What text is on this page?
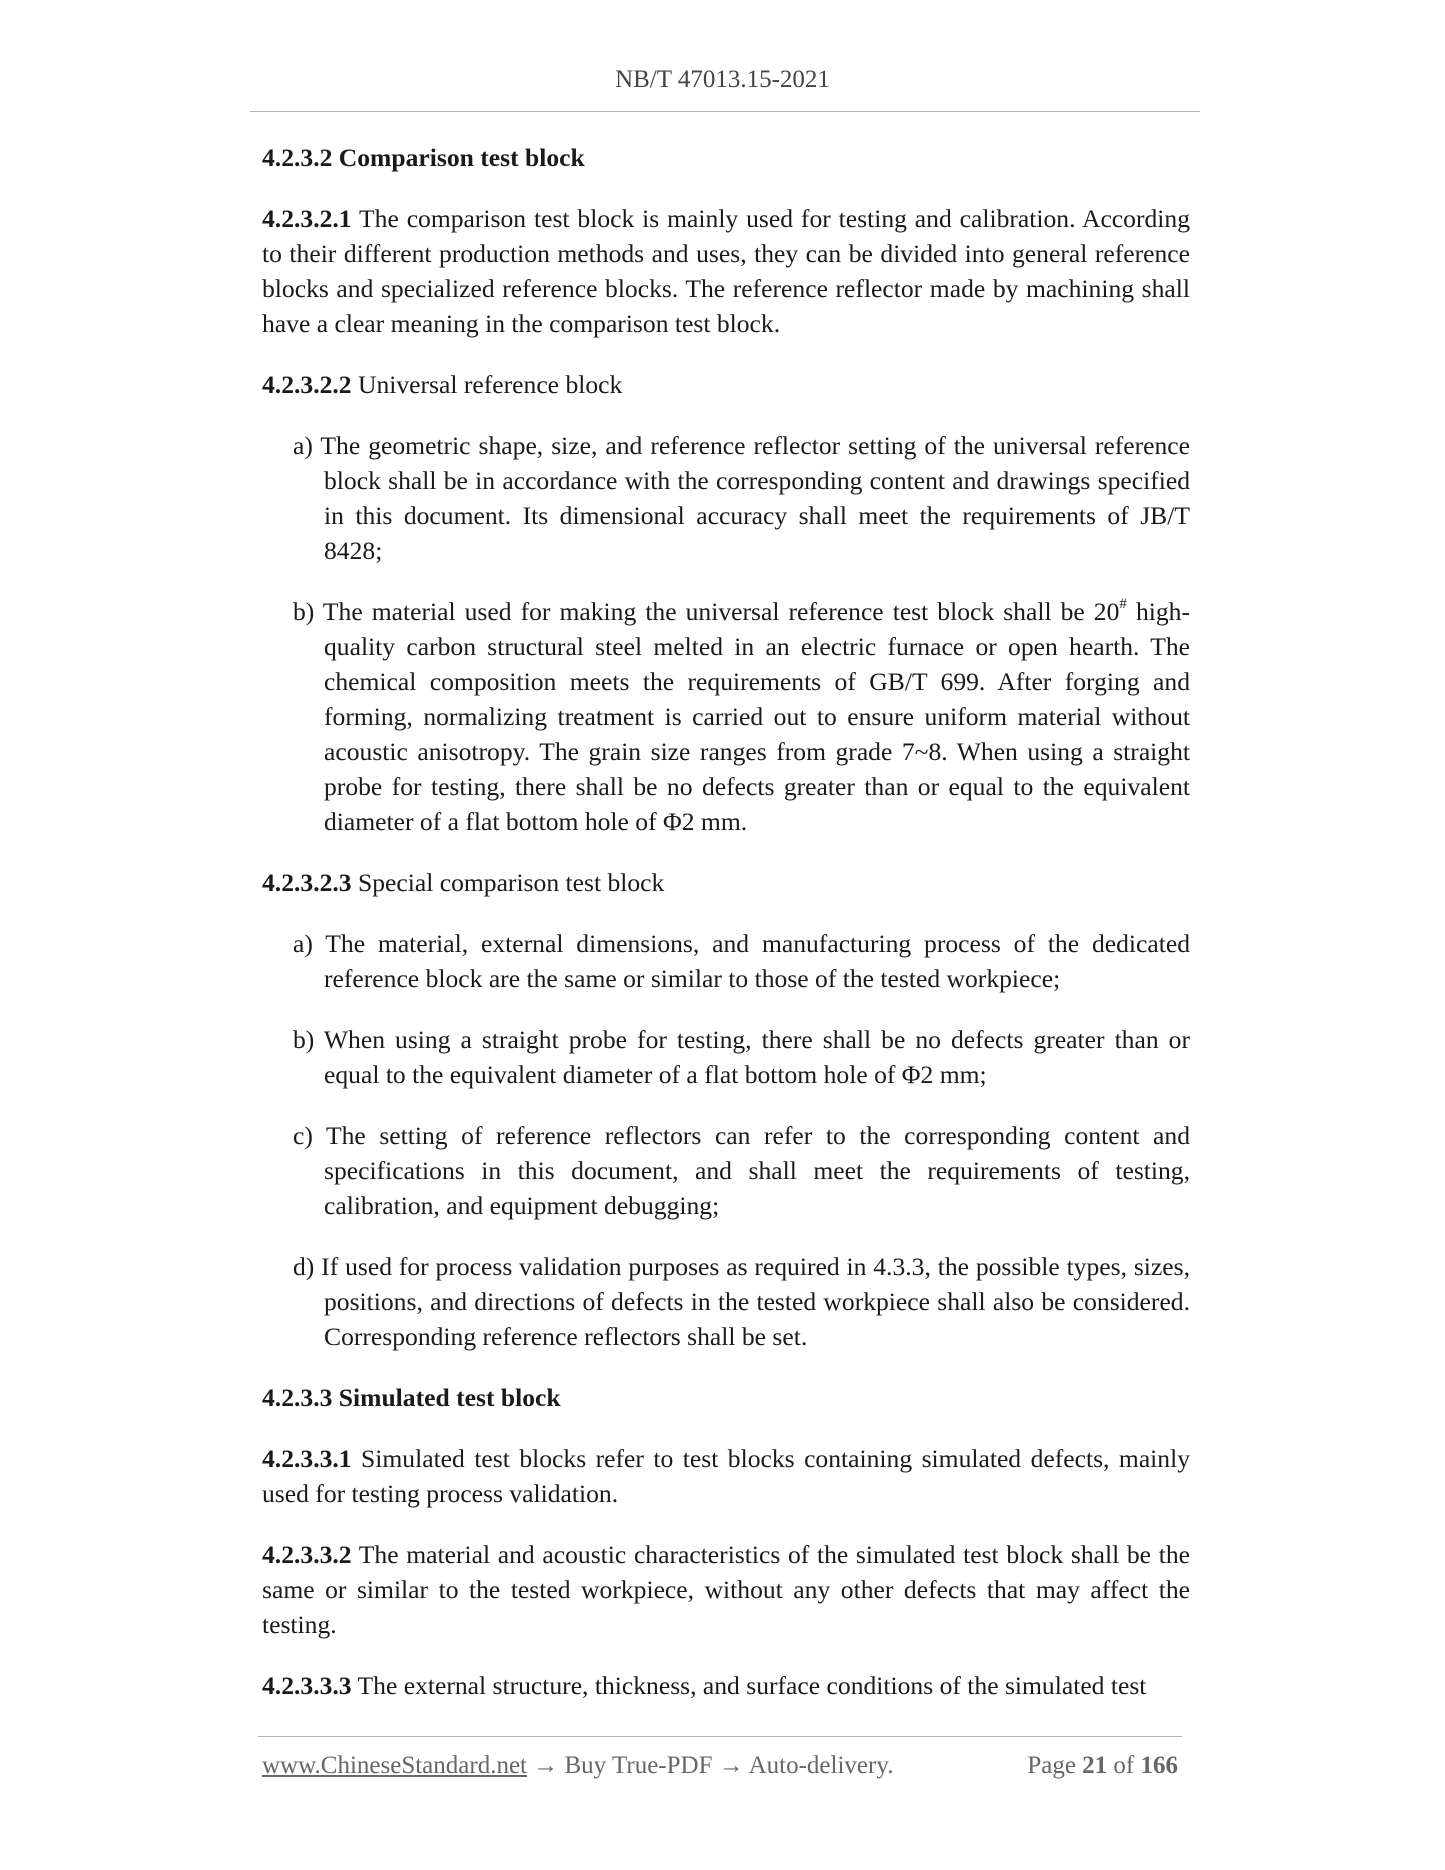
NB/T 47013.15-2021
4.2.3.2 Comparison test block

4.2.3.2.1 The comparison test block is mainly used for testing and calibration. According to their different production methods and uses, they can be divided into general reference blocks and specialized reference blocks. The reference reflector made by machining shall have a clear meaning in the comparison test block.

4.2.3.2.2 Universal reference block

a) The geometric shape, size, and reference reflector setting of the universal reference block shall be in accordance with the corresponding content and drawings specified in this document. Its dimensional accuracy shall meet the requirements of JB/T 8428;

b) The material used for making the universal reference test block shall be 20# high-quality carbon structural steel melted in an electric furnace or open hearth. The chemical composition meets the requirements of GB/T 699. After forging and forming, normalizing treatment is carried out to ensure uniform material without acoustic anisotropy. The grain size ranges from grade 7~8. When using a straight probe for testing, there shall be no defects greater than or equal to the equivalent diameter of a flat bottom hole of Φ2 mm.

4.2.3.2.3 Special comparison test block

a) The material, external dimensions, and manufacturing process of the dedicated reference block are the same or similar to those of the tested workpiece;

b) When using a straight probe for testing, there shall be no defects greater than or equal to the equivalent diameter of a flat bottom hole of Φ2 mm;

c) The setting of reference reflectors can refer to the corresponding content and specifications in this document, and shall meet the requirements of testing, calibration, and equipment debugging;

d) If used for process validation purposes as required in 4.3.3, the possible types, sizes, positions, and directions of defects in the tested workpiece shall also be considered. Corresponding reference reflectors shall be set.

4.2.3.3 Simulated test block

4.2.3.3.1 Simulated test blocks refer to test blocks containing simulated defects, mainly used for testing process validation.

4.2.3.3.2 The material and acoustic characteristics of the simulated test block shall be the same or similar to the tested workpiece, without any other defects that may affect the testing.

4.2.3.3.3 The external structure, thickness, and surface conditions of the simulated test

www.ChineseStandard.net → Buy True-PDF → Auto-delivery.	Page 21 of 166
